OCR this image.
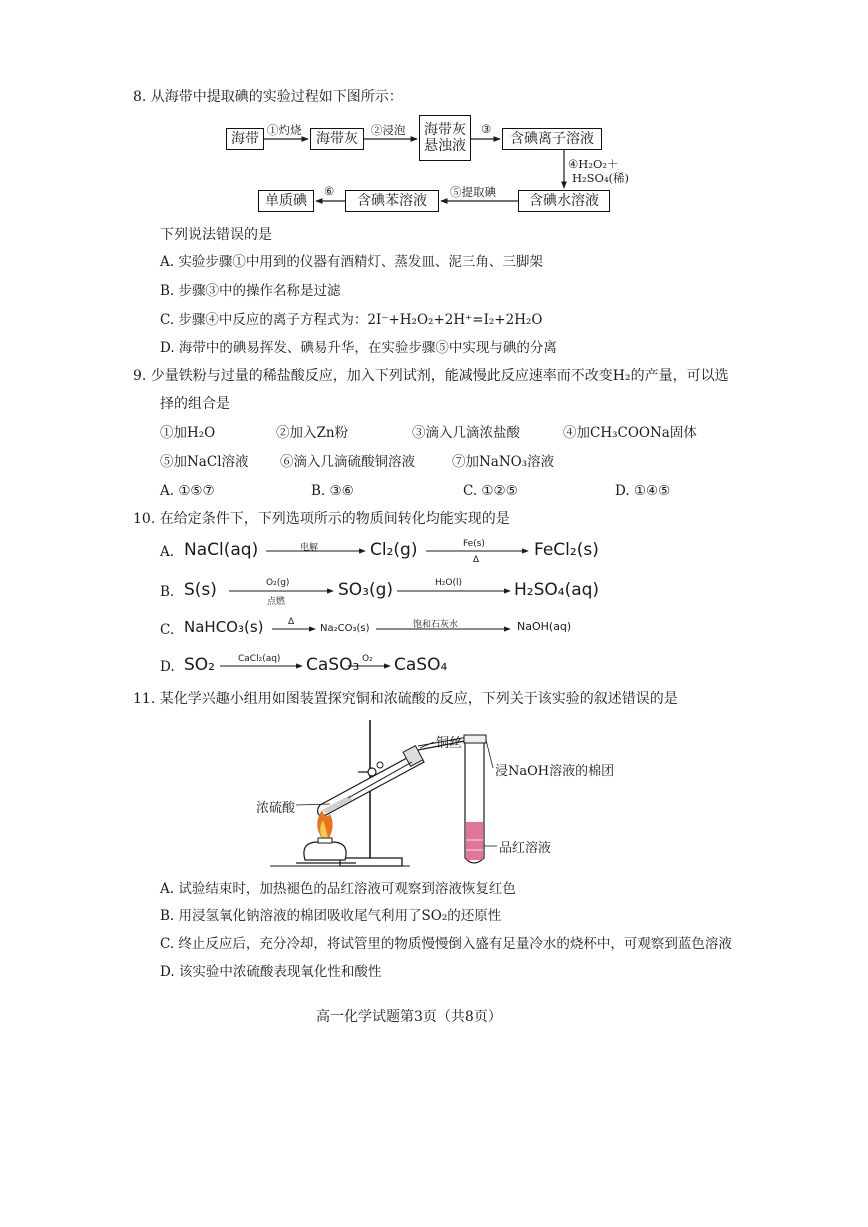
8. 从海带中提取碘的实验过程如下图所示：
海带	海带灰
海带灰
悬浊液	含碘离子溶液
含碘水溶液
含碘苯溶液
单质碘
①灼烧	②浸泡	③
④H₂O₂＋
H₂SO₄(稀)
⑤提取碘
⑥
下列说法错误的是
A. 实验步骤①中用到的仪器有酒精灯、蒸发皿、泥三角、三脚架
B. 步骤③中的操作名称是过滤
C. 步骤④中反应的离子方程式为：2I⁻+H₂O₂+2H⁺=I₂+2H₂O
D. 海带中的碘易挥发、碘易升华，在实验步骤⑤中实现与碘的分离
9. 少量铁粉与过量的稀盐酸反应，加入下列试剂，能减慢此反应速率而不改变H₂的产量，可以选
择的组合是
①加H₂O	②加入Zn粉	③滴入几滴浓盐酸	④加CH₃COONa固体
⑤加NaCl溶液 ⑥滴入几滴硫酸铜溶液	⑦加NaNO₃溶液
A. ①⑤⑦	B. ③⑥	C. ①②⑤	D. ①④⑤
10. 在给定条件下，下列选项所示的物质间转化均能实现的是
A. NaCl(aq)	电解	Cl₂(g)	Fe(s)
Δ	FeCl₂(s)
B. S(s)	O₂(g)
点燃
SO₃(g)	H₂O(l)	H₂SO₄(aq)
C. NaHCO₃(s)	Δ
Na₂CO₃(s)	饱和石灰水	NaOH(aq)
D. SO₂	CaCl₂(aq) CaSO₃ O₂ CaSO₄
11. 某化学兴趣小组用如图装置探究铜和浓硫酸的反应，下列关于该实验的叙述错误的是
铜丝
浸NaOH溶液的棉团
浓硫酸
品红溶液
A. 试验结束时，加热褪色的品红溶液可观察到溶液恢复红色
B. 用浸氢氧化钠溶液的棉团吸收尾气利用了SO₂的还原性
C. 终止反应后，充分冷却，将试管里的物质慢慢倒入盛有足量冷水的烧杯中，可观察到蓝色溶液
D. 该实验中浓硫酸表现氧化性和酸性
高一化学试题第3页（共8页）
